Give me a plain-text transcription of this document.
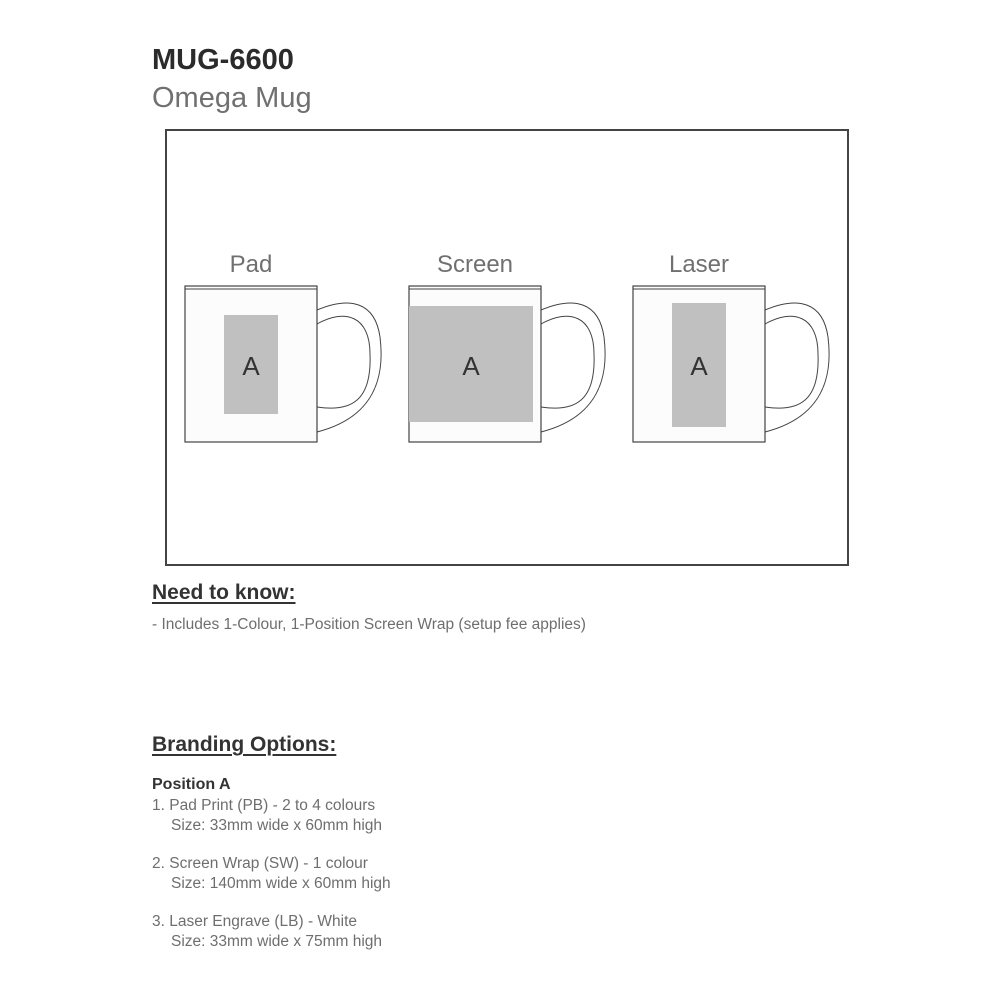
MUG-6600
Omega Mug
Pad
A
Screen
A
Laser
A
Need to know:
- Includes 1-Colour, 1-Position Screen Wrap (setup fee applies)
Branding Options:
Position A
1. Pad Print (PB) - 2 to 4 colours
Size: 33mm wide x 60mm high
2. Screen Wrap (SW) - 1 colour
Size: 140mm wide x 60mm high
3. Laser Engrave (LB) - White
Size: 33mm wide x 75mm high
